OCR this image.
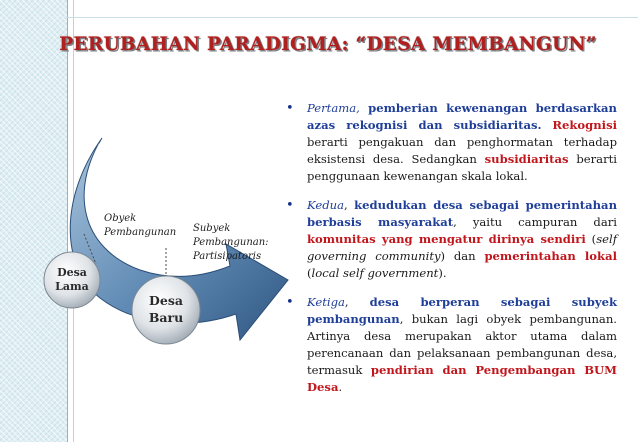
PERUBAHAN PARADIGMA: “DESA MEMBANGUN”
Obyek
Pembangunan Subyek
Pembangunan:
Partisipatoris
Desa
Lama
Desa
Baru
• Pertama, pemberian kewenangan berdasarkan azas rekognisi dan subsidiaritas. Rekognisi berarti pengakuan dan penghormatan terhadap eksistensi desa. Sedangkan subsidiaritas berarti penggunaan kewenangan skala lokal.
• Kedua, kedudukan desa sebagai pemerintahan berbasis masyarakat, yaitu campuran dari komunitas yang mengatur dirinya sendiri (self governing community) dan pemerintahan lokal (local self government).
• Ketiga, desa berperan sebagai subyek pembangunan, bukan lagi obyek pembangunan. Artinya desa merupakan aktor utama dalam perencanaan dan pelaksanaan pembangunan desa, termasuk pendirian dan Pengembangan BUM Desa.
